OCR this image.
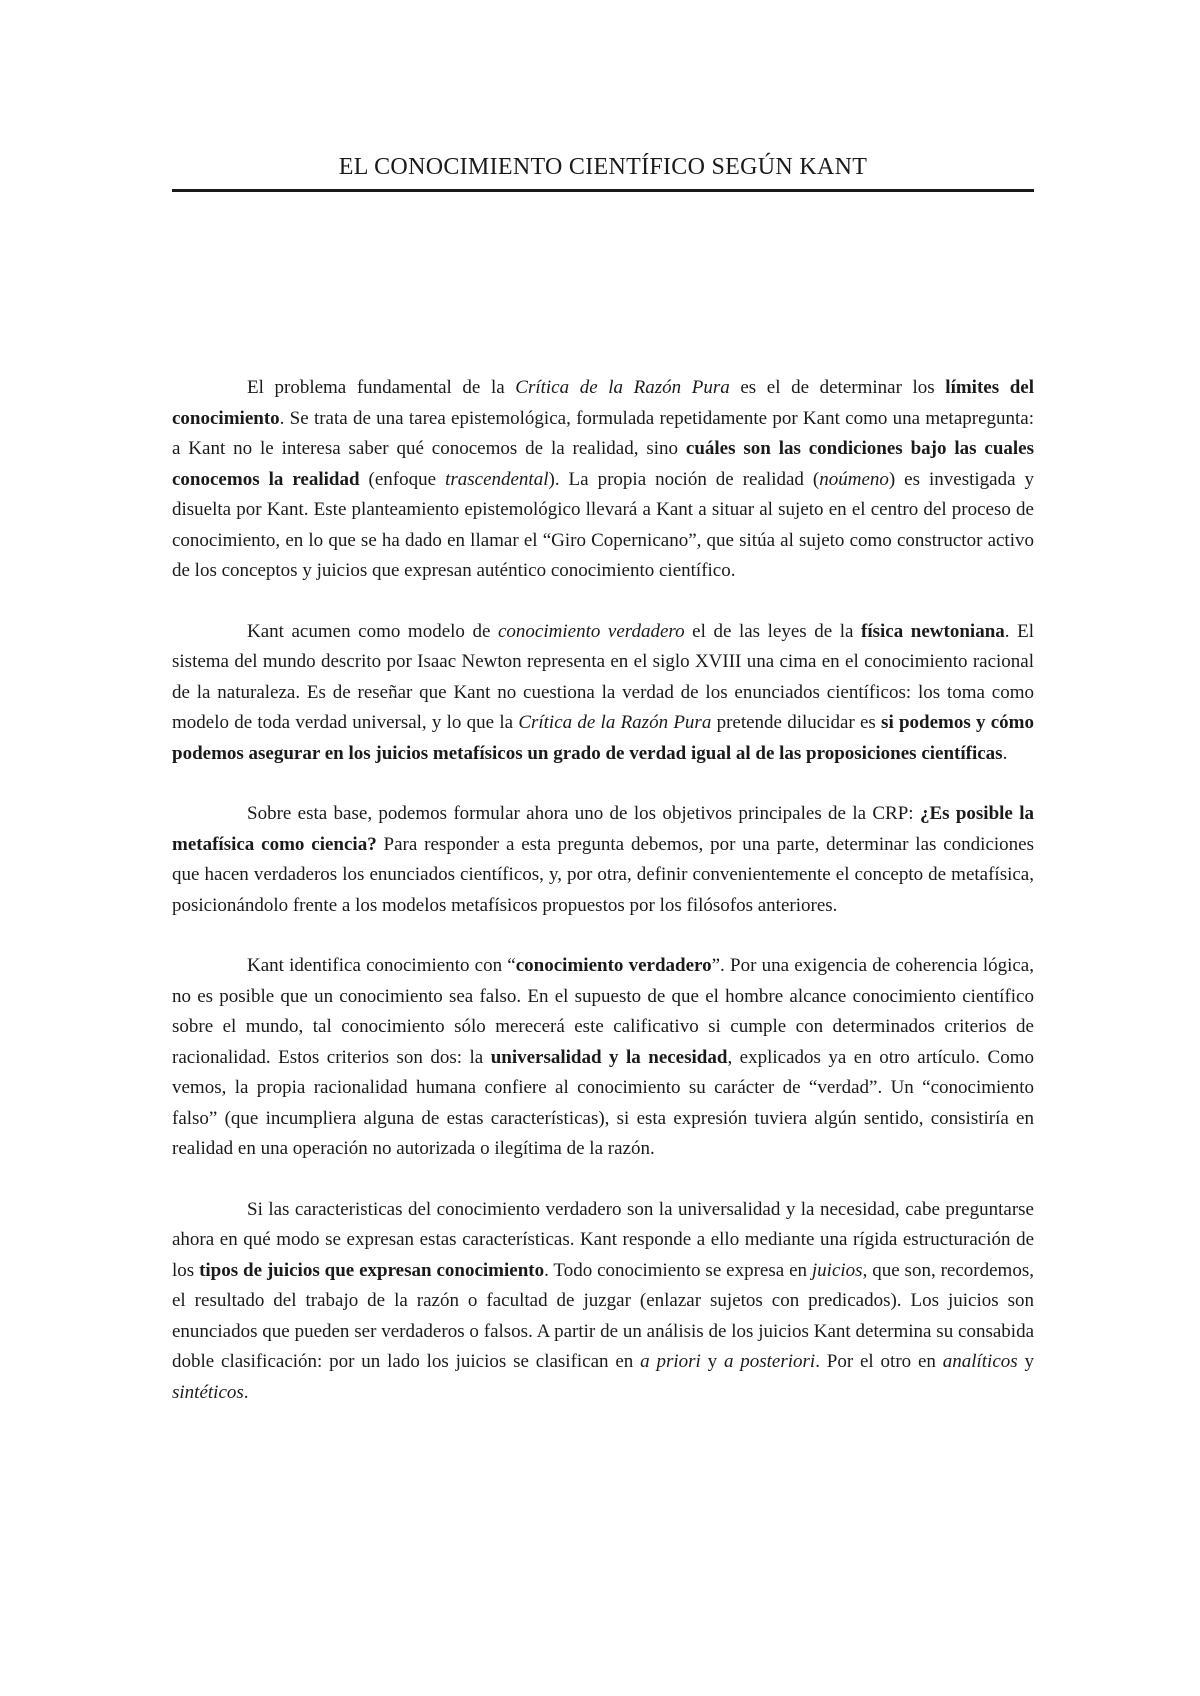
EL CONOCIMIENTO CIENTÍFICO SEGÚN KANT

El problema fundamental de la Crítica de la Razón Pura es el de determinar los límites del conocimiento. Se trata de una tarea epistemológica, formulada repetidamente por Kant como una metapregunta: a Kant no le interesa saber qué conocemos de la realidad, sino cuáles son las condiciones bajo las cuales conocemos la realidad (enfoque trascendental). La propia noción de realidad (noúmeno) es investigada y disuelta por Kant. Este planteamiento epistemológico llevará a Kant a situar al sujeto en el centro del proceso de conocimiento, en lo que se ha dado en llamar el “Giro Copernicano”, que sitúa al sujeto como constructor activo de los conceptos y juicios que expresan auténtico conocimiento científico.

Kant acumen como modelo de conocimiento verdadero el de las leyes de la física newtoniana. El sistema del mundo descrito por Isaac Newton representa en el siglo XVIII una cima en el conocimiento racional de la naturaleza. Es de reseñar que Kant no cuestiona la verdad de los enunciados científicos: los toma como modelo de toda verdad universal, y lo que la Crítica de la Razón Pura pretende dilucidar es si podemos y cómo podemos asegurar en los juicios metafísicos un grado de verdad igual al de las proposiciones científicas.

Sobre esta base, podemos formular ahora uno de los objetivos principales de la CRP: ¿Es posible la metafísica como ciencia? Para responder a esta pregunta debemos, por una parte, determinar las condiciones que hacen verdaderos los enunciados científicos, y, por otra, definir convenientemente el concepto de metafísica, posicionándolo frente a los modelos metafísicos propuestos por los filósofos anteriores.

Kant identifica conocimiento con “conocimiento verdadero”. Por una exigencia de coherencia lógica, no es posible que un conocimiento sea falso. En el supuesto de que el hombre alcance conocimiento científico sobre el mundo, tal conocimiento sólo merecerá este calificativo si cumple con determinados criterios de racionalidad. Estos criterios son dos: la universalidad y la necesidad, explicados ya en otro artículo. Como vemos, la propia racionalidad humana confiere al conocimiento su carácter de “verdad”. Un “conocimiento falso” (que incumpliera alguna de estas características), si esta expresión tuviera algún sentido, consistiría en realidad en una operación no autorizada o ilegítima de la razón.

Si las caracteristicas del conocimiento verdadero son la universalidad y la necesidad, cabe preguntarse ahora en qué modo se expresan estas características. Kant responde a ello mediante una rígida estructuración de los tipos de juicios que expresan conocimiento. Todo conocimiento se expresa en juicios, que son, recordemos, el resultado del trabajo de la razón o facultad de juzgar (enlazar sujetos con predicados). Los juicios son enunciados que pueden ser verdaderos o falsos. A partir de un análisis de los juicios Kant determina su consabida doble clasificación: por un lado los juicios se clasifican en a priori y a posteriori. Por el otro en analíticos y sintéticos.
